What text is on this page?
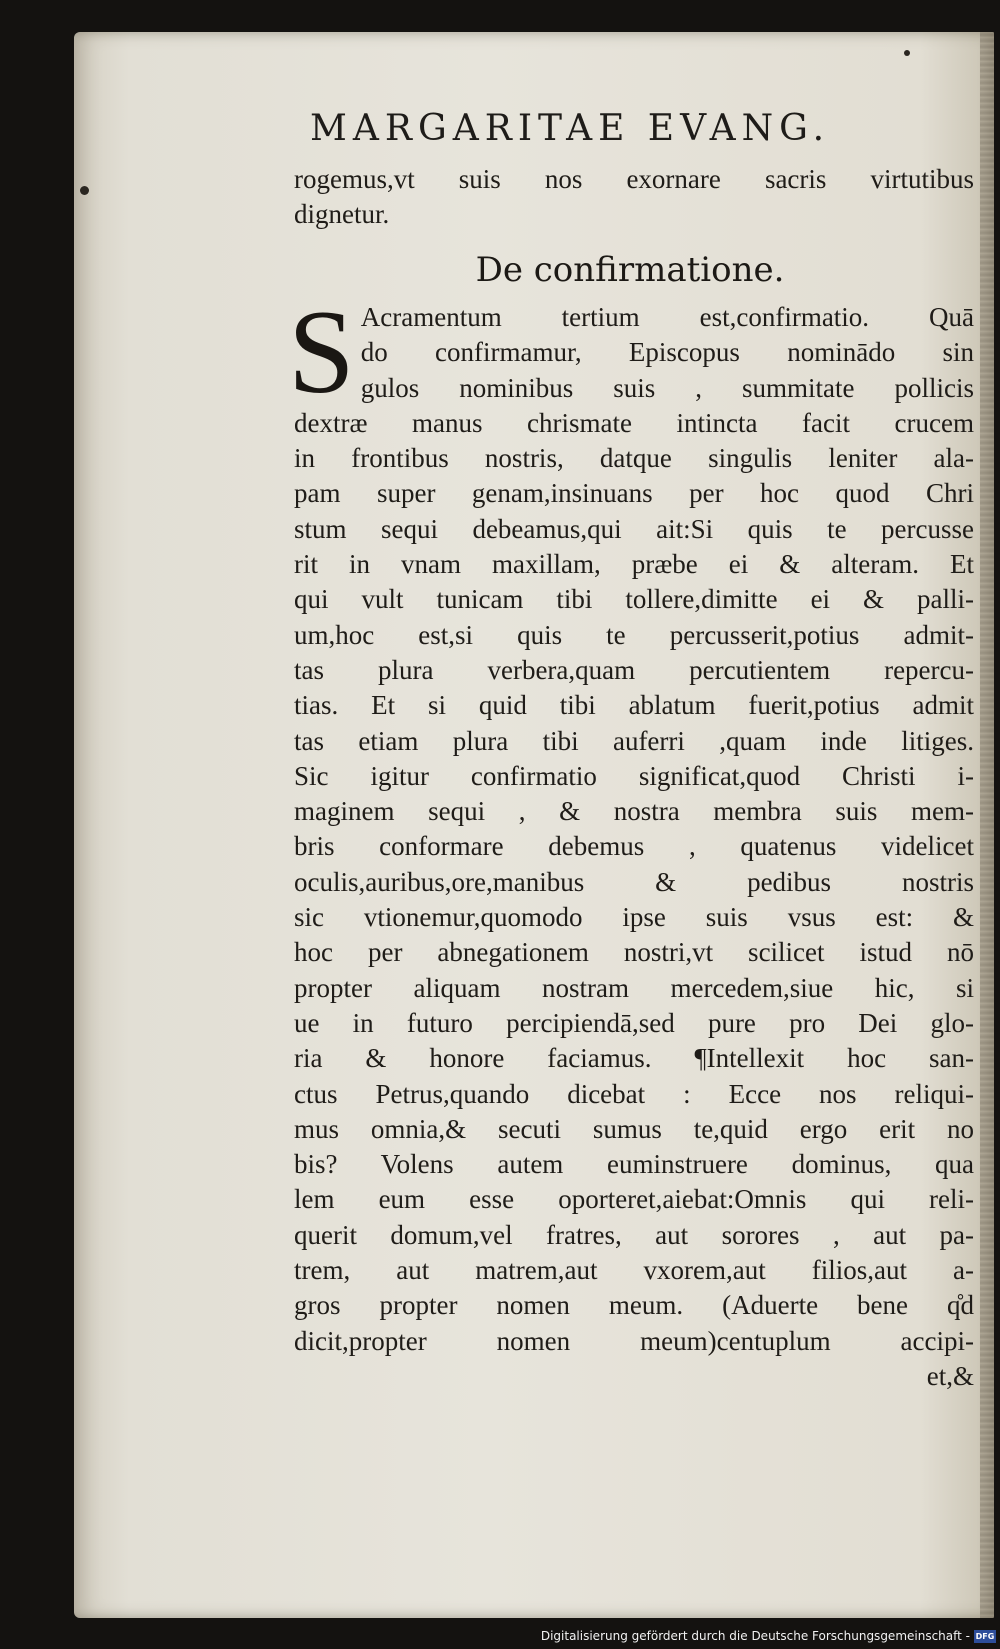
MARGARITAE EVANG.
rogemus,vt suis nos exornare sacris virtutibus
dignetur.
De confirmatione.
S Acramentum tertium est,confirmatio. Quā
do confirmamur, Episcopus nominādo sin
gulos nominibus suis , summitate pollicis
dextræ manus chrismate intincta facit crucem
in frontibus nostris, datque singulis leniter ala-
pam super genam,insinuans per hoc quod Chri
stum sequi debeamus,qui ait:Si quis te percusse
rit in vnam maxillam, præbe ei & alteram. Et
qui vult tunicam tibi tollere,dimitte ei & palli-
um,hoc est,si quis te percusserit,potius admit-
tas plura verbera,quam percutientem repercu-
tias. Et si quid tibi ablatum fuerit,potius admit
tas etiam plura tibi auferri ,quam inde litiges.
Sic igitur confirmatio significat,quod Christi i-
maginem sequi , & nostra membra suis mem-
bris conformare debemus , quatenus videlicet
oculis,auribus,ore,manibus & pedibus nostris
sic vtionemur,quomodo ipse suis vsus est: &
hoc per abnegationem nostri,vt scilicet istud nō
propter aliquam nostram mercedem,siue hic, si
ue in futuro percipiendā,sed pure pro Dei glo-
ria & honore faciamus. ¶Intellexit hoc san-
ctus Petrus,quando dicebat : Ecce nos reliqui-
mus omnia,& secuti sumus te,quid ergo erit no
bis? Volens autem euminstruere dominus, qua
lem eum esse oporteret,aiebat:Omnis qui reli-
querit domum,vel fratres, aut sorores , aut pa-
trem, aut matrem,aut vxorem,aut filios,aut a-
gros propter nomen meum. (Aduerte bene q̊d
dicit,propter nomen meum)centuplum accipi-
et,&
Digitalisierung gefördert durch die Deutsche Forschungsgemeinschaft - DFG
